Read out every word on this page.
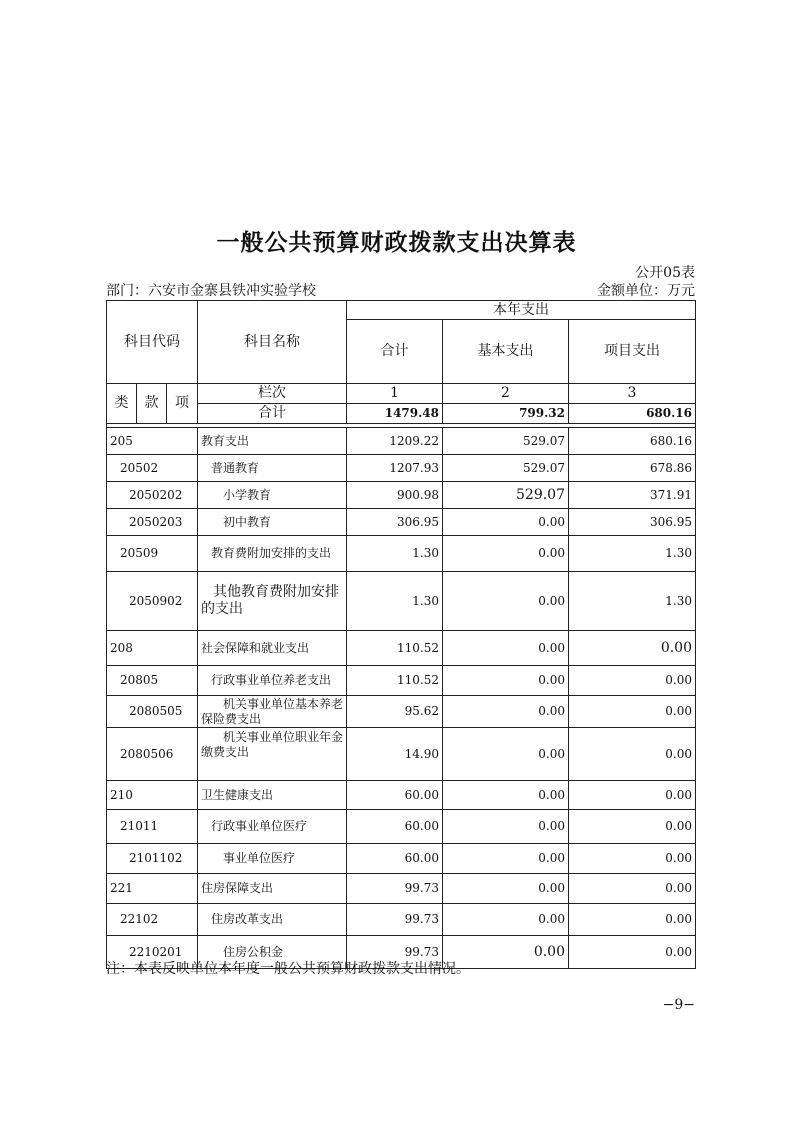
一般公共预算财政拨款支出决算表
公开05表
部门：六安市金寨县铁冲实验学校	金额单位：万元
科目代码			科目名称	本年支出		
				合计	基本支出	项目支出
类	款	项	栏次	1	2	3
			合计	1479.48	799.32	680.16

205			教育支出	1209.22	529.07	680.16
20502			普通教育	1207.93	529.07	678.86
2050202			小学教育	900.98	529.07	371.91
2050203			初中教育	306.95	0.00	306.95
20509			教育费附加安排的支出	1.30	0.00	1.30
2050902			其他教育费附加安排
的支出	1.30	0.00	1.30
208			社会保障和就业支出	110.52	0.00	0.00
20805			行政事业单位养老支出	110.52	0.00	0.00
2080505			机关事业单位基本养老
保险费支出	95.62	0.00	0.00
2080506			机关事业单位职业年金
缴费支出	14.90	0.00	0.00
210			卫生健康支出	60.00	0.00	0.00
21011			行政事业单位医疗	60.00	0.00	0.00
2101102			事业单位医疗	60.00	0.00	0.00
221			住房保障支出	99.73	0.00	0.00
22102			住房改革支出	99.73	0.00	0.00
2210201			住房公积金	99.73	0.00	0.00
注：本表反映单位本年度一般公共预算财政拨款支出情况。
−9−
